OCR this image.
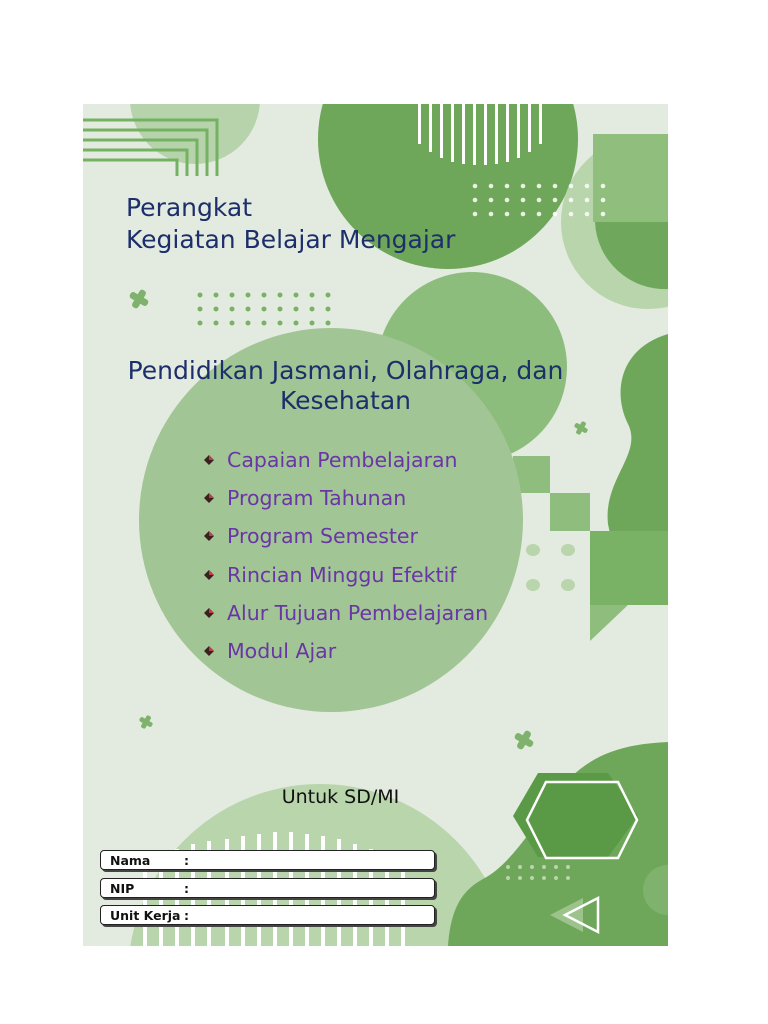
Perangkat
Kegiatan Belajar Mengajar
Pendidikan Jasmani, Olahraga, dan
Kesehatan
Capaian Pembelajaran
Program Tahunan
Program Semester
Rincian Minggu Efektif
Alur Tujuan Pembelajaran
Modul Ajar

Untuk SD/MI

Nama	:
NIP	:
Unit Kerja :
